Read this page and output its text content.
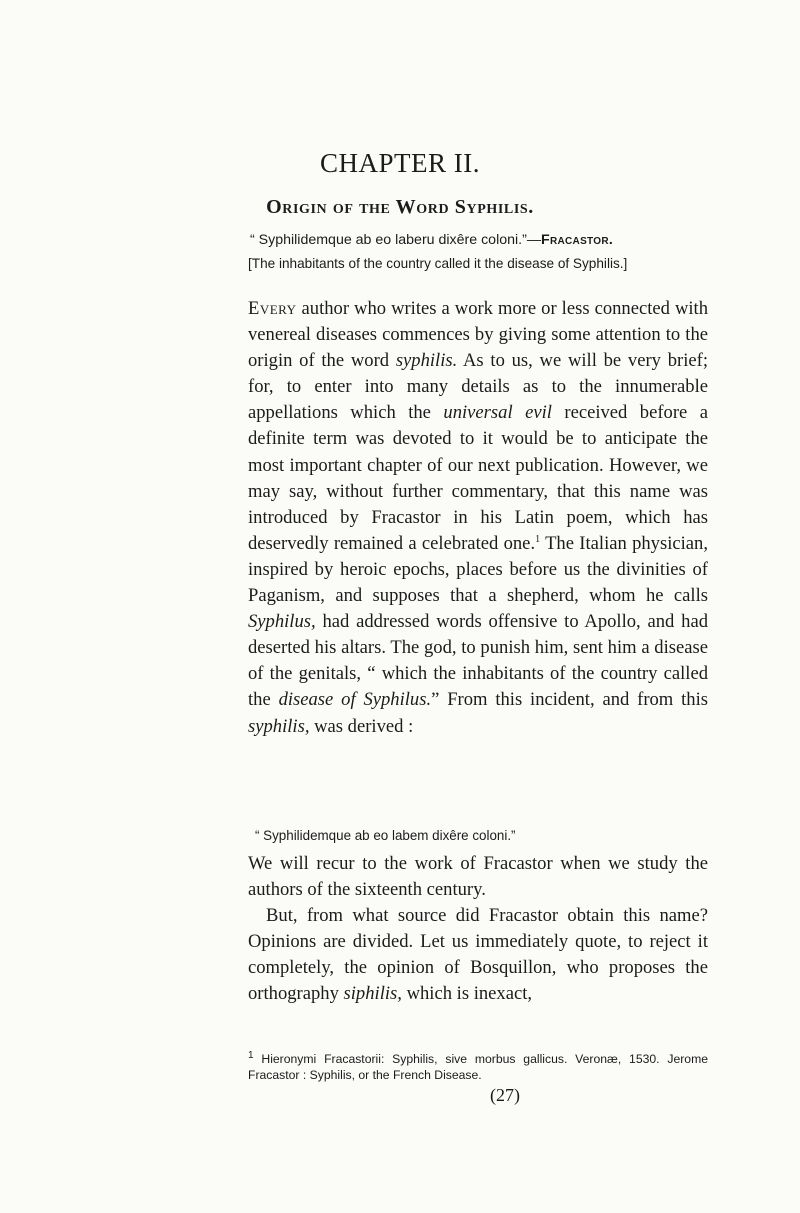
CHAPTER II.
Origin of the Word Syphilis.
“ Syphilidemque ab eo laberu dixêre coloni.”—Fracastor.

[The inhabitants of the country called it the disease of Syphilis.]

Every author who writes a work more or less connected with venereal diseases commences by giving some attention to the origin of the word syphilis. As to us, we will be very brief; for, to enter into many details as to the innumerable appellations which the universal evil received before a definite term was devoted to it would be to anticipate the most important chapter of our next publication. However, we may say, without further commentary, that this name was introduced by Fracastor in his Latin poem, which has deservedly remained a celebrated one.$^1$ The Italian physician, inspired by heroic epochs, places before us the divinities of Paganism, and supposes that a shepherd, whom he calls Syphilus, had addressed words offensive to Apollo, and had deserted his altars. The god, to punish him, sent him a disease of the genitals, “ which the inhabitants of the country called the disease of Syphilus.” From this incident, and from this syphilis, was derived :

“ Syphilidemque ab eo labem dixêre coloni.”

We will recur to the work of Fracastor when we study the authors of the sixteenth century.

But, from what source did Fracastor obtain this name? Opinions are divided. Let us immediately quote, to reject it completely, the opinion of Bosquillon, who proposes the orthography siphilis, which is inexact,

$^1$ Hieronymi Fracastorii: Syphilis, sive morbus gallicus. Veronæ, 1530. Jerome Fracastor : Syphilis, or the French Disease.

(27)
